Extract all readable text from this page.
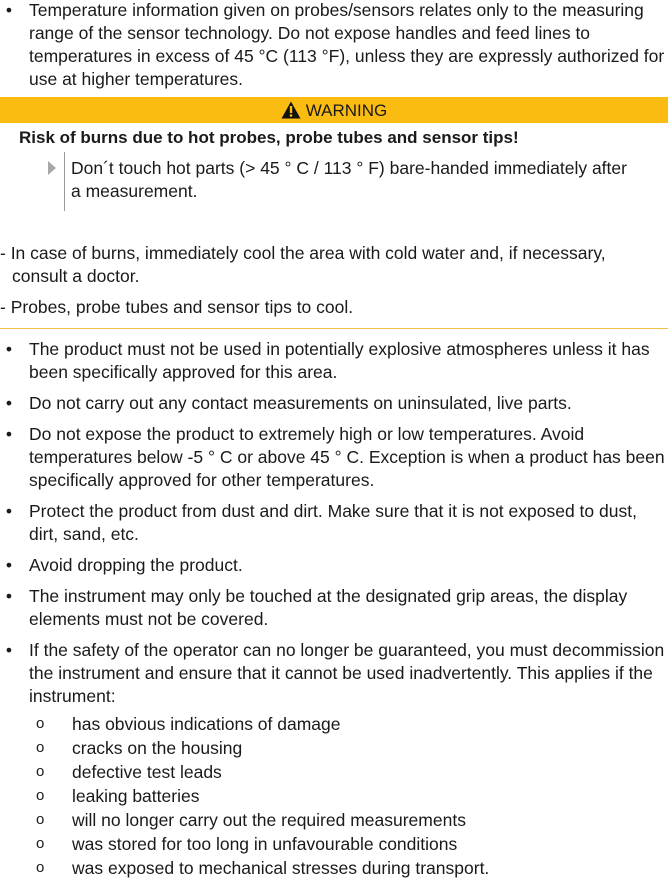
• Temperature information given on probes/sensors relates only to the measuring range of the sensor technology. Do not expose handles and feed lines to temperatures in excess of 45 °C (113 °F), unless they are expressly authorized for use at higher temperatures.
WARNING
Risk of burns due to hot probes, probe tubes and sensor tips!
Don´t touch hot parts (> 45 ° C / 113 ° F) bare-handed immediately after a measurement.

- In case of burns, immediately cool the area with cold water and, if necessary,

consult a doctor.

- Probes, probe tubes and sensor tips to cool.

• The product must not be used in potentially explosive atmospheres unless it has been specifically approved for this area.
• Do not carry out any contact measurements on uninsulated, live parts.
• Do not expose the product to extremely high or low temperatures. Avoid temperatures below -5 ° C or above 45 ° C. Exception is when a product has been specifically approved for other temperatures.
• Protect the product from dust and dirt. Make sure that it is not exposed to dust, dirt, sand, etc.
• Avoid dropping the product.
• The instrument may only be touched at the designated grip areas, the display elements must not be covered.
• If the safety of the operator can no longer be guaranteed, you must decommission the instrument and ensure that it cannot be used inadvertently. This applies if the instrument:
o has obvious indications of damage
o cracks on the housing
o defective test leads
o leaking batteries
o will no longer carry out the required measurements
o was stored for too long in unfavourable conditions
o was exposed to mechanical stresses during transport.
